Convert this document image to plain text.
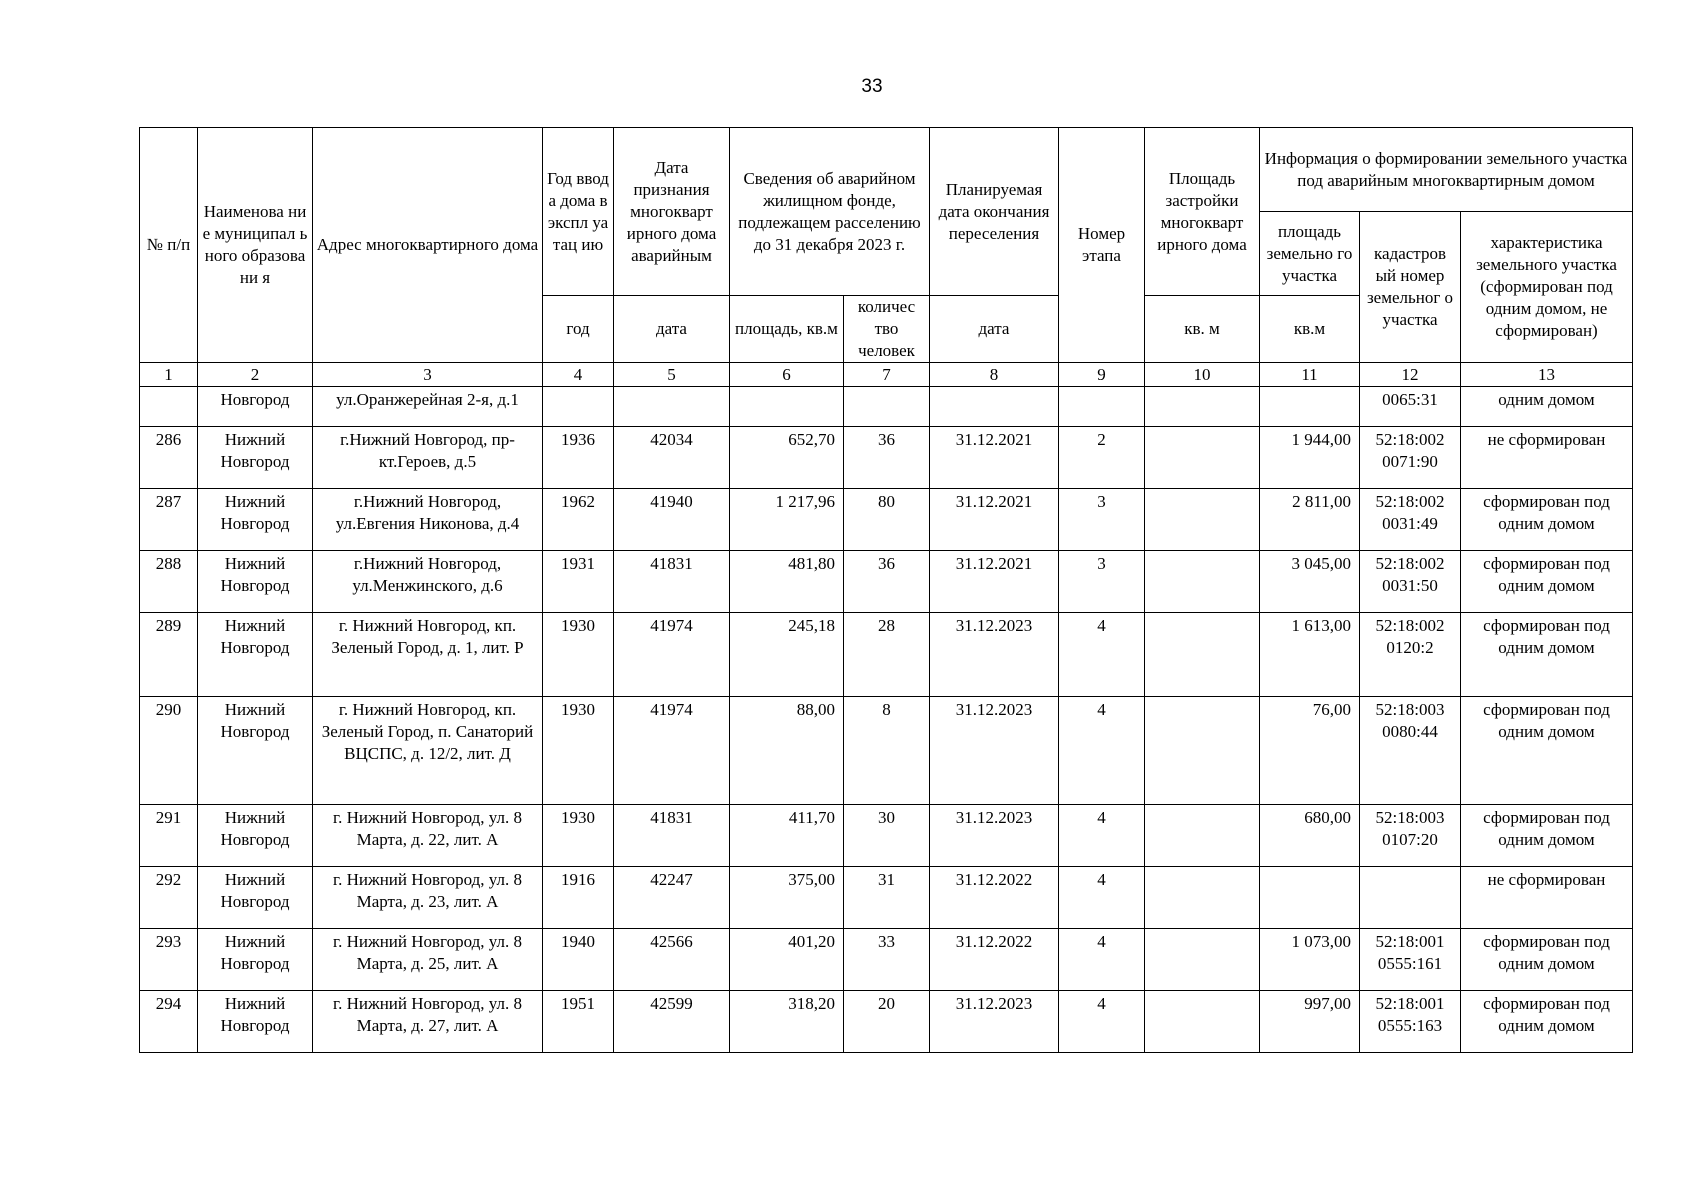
33
№ п/п	Наименова ние муниципал ьного образовани я	Адрес многоквартирного дома	Год ввода дома в экспл уатац ию	Дата признания многокварт ирного дома аварийным	Сведения об аварийном жилищном фонде, подлежащем расселению до 31 декабря 2023 г.		Планируемая дата окончания переселения	Номер этапа	Площадь застройки многокварт ирного дома	Информация о формировании земельного участка под аварийным многоквартирным домом		
										площадь земельно го участка	кадастров ый номер земельног о участка	характеристика земельного участка (сформирован под одним домом, не сформирован)
			год	дата	площадь, кв.м	количес тво человек	дата		кв. м	кв.м		
1	2	3	4	5	6	7	8	9	10	11	12	13
	Новгород	ул.Оранжерейная 2-я, д.1									0065:31	одним домом
286	Нижний Новгород	г.Нижний Новгород, пр-кт.Героев, д.5	1936	42034	652,70	36	31.12.2021	2		1 944,00	52:18:002 0071:90	не сформирован
287	Нижний Новгород	г.Нижний Новгород, ул.Евгения Никонова, д.4	1962	41940	1 217,96	80	31.12.2021	3		2 811,00	52:18:002 0031:49	сформирован под одним домом
288	Нижний Новгород	г.Нижний Новгород, ул.Менжинского, д.6	1931	41831	481,80	36	31.12.2021	3		3 045,00	52:18:002 0031:50	сформирован под одним домом
289	Нижний Новгород	г. Нижний Новгород, кп. Зеленый Город, д. 1, лит. Р	1930	41974	245,18	28	31.12.2023	4		1 613,00	52:18:002 0120:2	сформирован под одним домом
290	Нижний Новгород	г. Нижний Новгород, кп. Зеленый Город, п. Санаторий ВЦСПС, д. 12/2, лит. Д	1930	41974	88,00	8	31.12.2023	4		76,00	52:18:003 0080:44	сформирован под одним домом
291	Нижний Новгород	г. Нижний Новгород, ул. 8 Марта, д. 22, лит. А	1930	41831	411,70	30	31.12.2023	4		680,00	52:18:003 0107:20	сформирован под одним домом
292	Нижний Новгород	г. Нижний Новгород, ул. 8 Марта, д. 23, лит. А	1916	42247	375,00	31	31.12.2022	4				не сформирован
293	Нижний Новгород	г. Нижний Новгород, ул. 8 Марта, д. 25, лит. А	1940	42566	401,20	33	31.12.2022	4		1 073,00	52:18:001 0555:161	сформирован под одним домом
294	Нижний Новгород	г. Нижний Новгород, ул. 8 Марта, д. 27, лит. А	1951	42599	318,20	20	31.12.2023	4		997,00	52:18:001 0555:163	сформирован под одним домом
